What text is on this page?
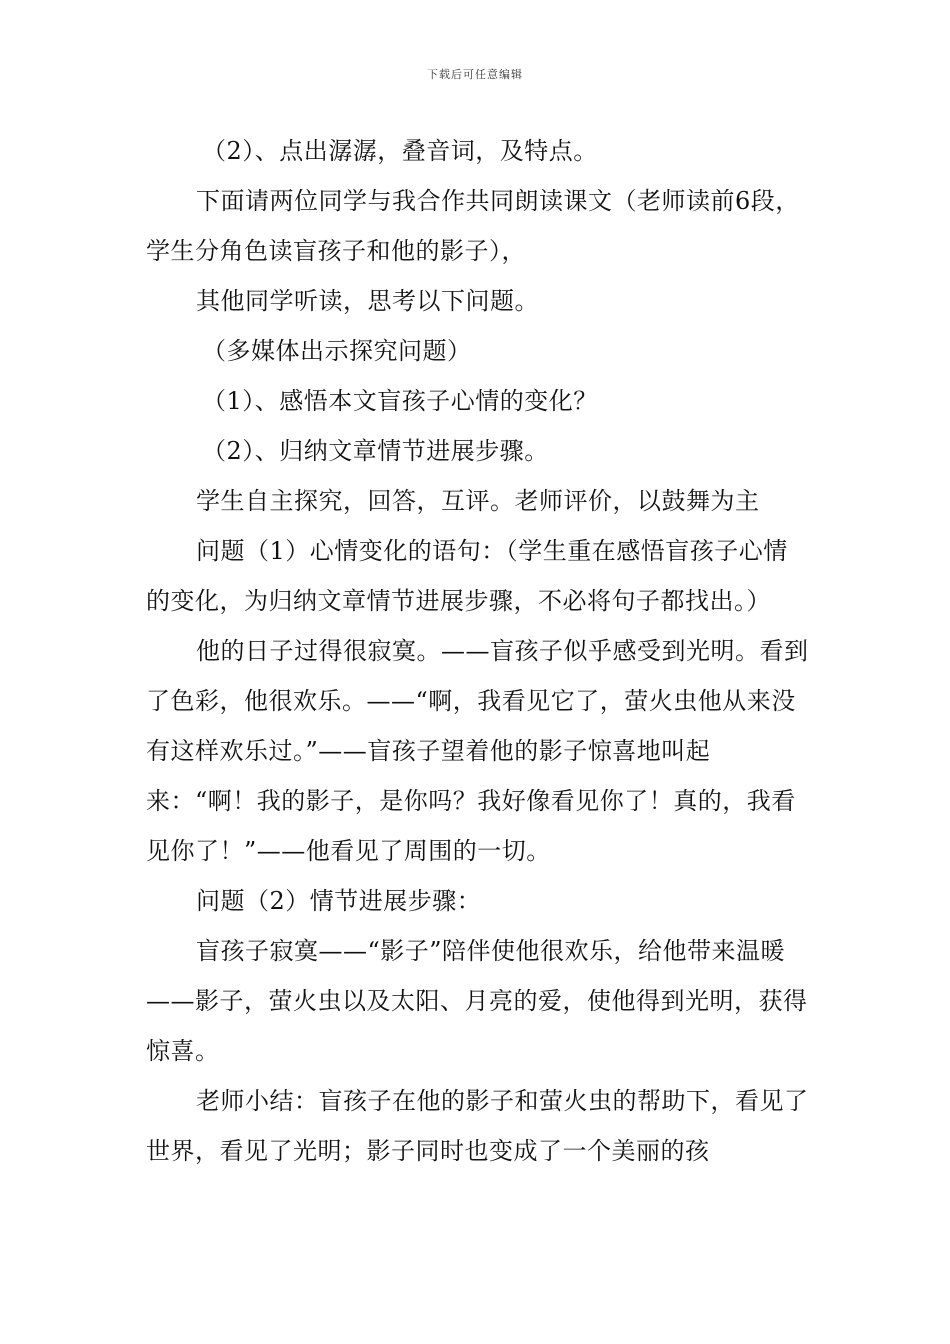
下载后可任意编辑

（2）、点出潺潺，叠音词，及特点。

下面请两位同学与我合作共同朗读课文（老师读前6段，学生分角色读盲孩子和他的影子），

其他同学听读，思考以下问题。

（多媒体出示探究问题）

（1）、感悟本文盲孩子心情的变化？

（2）、归纳文章情节进展步骤。

学生自主探究，回答，互评。老师评价，以鼓舞为主

问题（1）心情变化的语句：（学生重在感悟盲孩子心情的变化，为归纳文章情节进展步骤，不必将句子都找出。）

他的日子过得很寂寞。——盲孩子似乎感受到光明。看到了色彩，他很欢乐。——“啊，我看见它了，萤火虫他从来没有这样欢乐过。”——盲孩子望着他的影子惊喜地叫起来：“啊！我的影子，是你吗？我好像看见你了！真的，我看见你了！”——他看见了周围的一切。

问题（2）情节进展步骤：

盲孩子寂寞——“影子”陪伴使他很欢乐，给他带来温暖——影子，萤火虫以及太阳、月亮的爱，使他得到光明，获得惊喜。

老师小结：盲孩子在他的影子和萤火虫的帮助下，看见了世界，看见了光明；影子同时也变成了一个美丽的孩
